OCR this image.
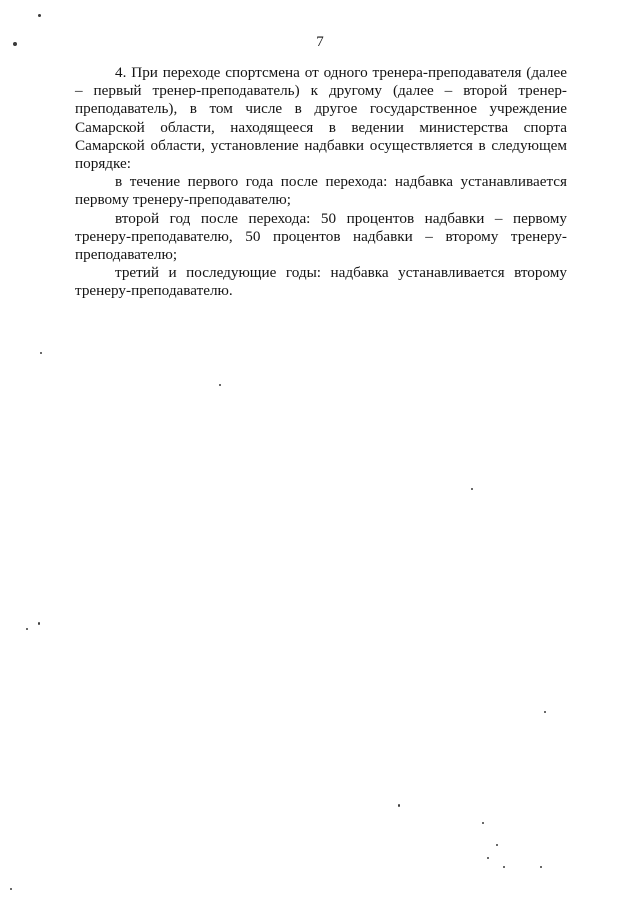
7

4. При переходе спортсмена от одного тренера-преподавателя (далее – первый тренер-преподаватель) к другому (далее – второй тренер-преподаватель), в том числе в другое государственное учреждение Самарской области, находящееся в ведении министерства спорта Самарской области, установление надбавки осуществляется в следующем порядке:

в течение первого года после перехода: надбавка устанавливается первому тренеру-преподавателю;

второй год после перехода: 50 процентов надбавки – первому тренеру-преподавателю, 50 процентов надбавки – второму тренеру-преподавателю;

третий и последующие годы: надбавка устанавливается второму тренеру-преподавателю.
